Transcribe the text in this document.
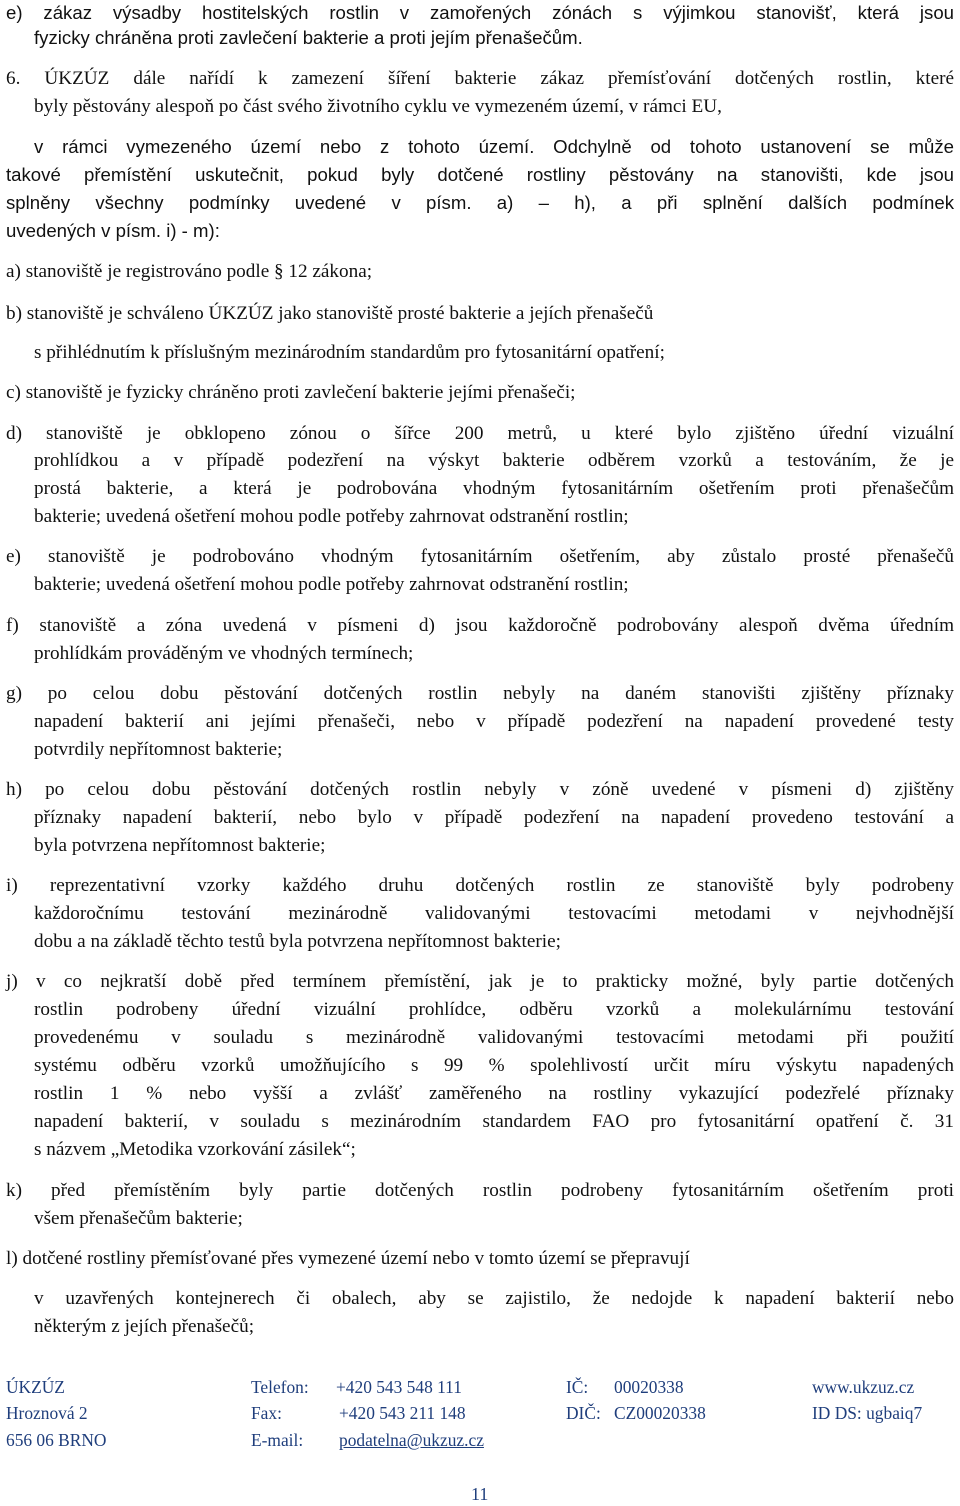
e) zákaz výsadby hostitelských rostlin v zamořených zónách s výjimkou stanovišť, která jsou
fyzicky chráněna proti zavlečení bakterie a proti jejím přenašečům.
6. ÚKZÚZ dále nařídí k zamezení šíření bakterie zákaz přemísťování dotčených rostlin, které
byly pěstovány alespoň po část svého životního cyklu ve vymezeném území, v rámci EU,
v rámci vymezeného území nebo z tohoto území. Odchylně od tohoto ustanovení se může
takové přemístění uskutečnit, pokud byly dotčené rostliny pěstovány na stanovišti, kde jsou
splněny všechny podmínky uvedené v písm. a) – h), a při splnění dalších podmínek
uvedených v písm. i) - m):
a) stanoviště je registrováno podle § 12 zákona;
b) stanoviště je schváleno ÚKZÚZ jako stanoviště prosté bakterie a jejích přenašečů
s přihlédnutím k příslušným mezinárodním standardům pro fytosanitární opatření;
c) stanoviště je fyzicky chráněno proti zavlečení bakterie jejími přenašeči;
d) stanoviště je obklopeno zónou o šířce 200 metrů, u které bylo zjištěno úřední vizuální
prohlídkou a v případě podezření na výskyt bakterie odběrem vzorků a testováním, že je
prostá bakterie, a která je podrobována vhodným fytosanitárním ošetřením proti přenašečům
bakterie; uvedená ošetření mohou podle potřeby zahrnovat odstranění rostlin;
e) stanoviště je podrobováno vhodným fytosanitárním ošetřením, aby zůstalo prosté přenašečů
bakterie; uvedená ošetření mohou podle potřeby zahrnovat odstranění rostlin;
f) stanoviště a zóna uvedená v písmeni d) jsou každoročně podrobovány alespoň dvěma úředním
prohlídkám prováděným ve vhodných termínech;
g) po celou dobu pěstování dotčených rostlin nebyly na daném stanovišti zjištěny příznaky
napadení bakterií ani jejími přenašeči, nebo v případě podezření na napadení provedené testy
potvrdily nepřítomnost bakterie;
h) po celou dobu pěstování dotčených rostlin nebyly v zóně uvedené v písmeni d) zjištěny
příznaky napadení bakterií, nebo bylo v případě podezření na napadení provedeno testování a
byla potvrzena nepřítomnost bakterie;
i) reprezentativní vzorky každého druhu dotčených rostlin ze stanoviště byly podrobeny
každoročnímu testování mezinárodně validovanými testovacími metodami v nejvhodnější
dobu a na základě těchto testů byla potvrzena nepřítomnost bakterie;
j) v co nejkratší době před termínem přemístění, jak je to prakticky možné, byly partie dotčených
rostlin podrobeny úřední vizuální prohlídce, odběru vzorků a molekulárnímu testování
provedenému v souladu s mezinárodně validovanými testovacími metodami při použití
systému odběru vzorků umožňujícího s 99 % spolehlivostí určit míru výskytu napadených
rostlin 1 % nebo vyšší a zvlášť zaměřeného na rostliny vykazující podezřelé příznaky
napadení bakterií, v souladu s mezinárodním standardem FAO pro fytosanitární opatření č. 31
s názvem „Metodika vzorkování zásilek“;
k) před přemístěním byly partie dotčených rostlin podrobeny fytosanitárním ošetřením proti
všem přenašečům bakterie;
l) dotčené rostliny přemísťované přes vymezené území nebo v tomto území se přepravují
v uzavřených kontejnerech či obalech, aby se zajistilo, že nedojde k napadení bakterií nebo
některým z jejích přenašečů;
ÚKZÚZ
Hroznová 2
656 06 BRNO
Telefon: +420 543 548 111
Fax:	+420 543 211 148
E-mail: podatelna@ukzuz.cz
IČ: 00020338
DIČ: CZ00020338
www.ukzuz.cz
ID DS: ugbaiq7
11
